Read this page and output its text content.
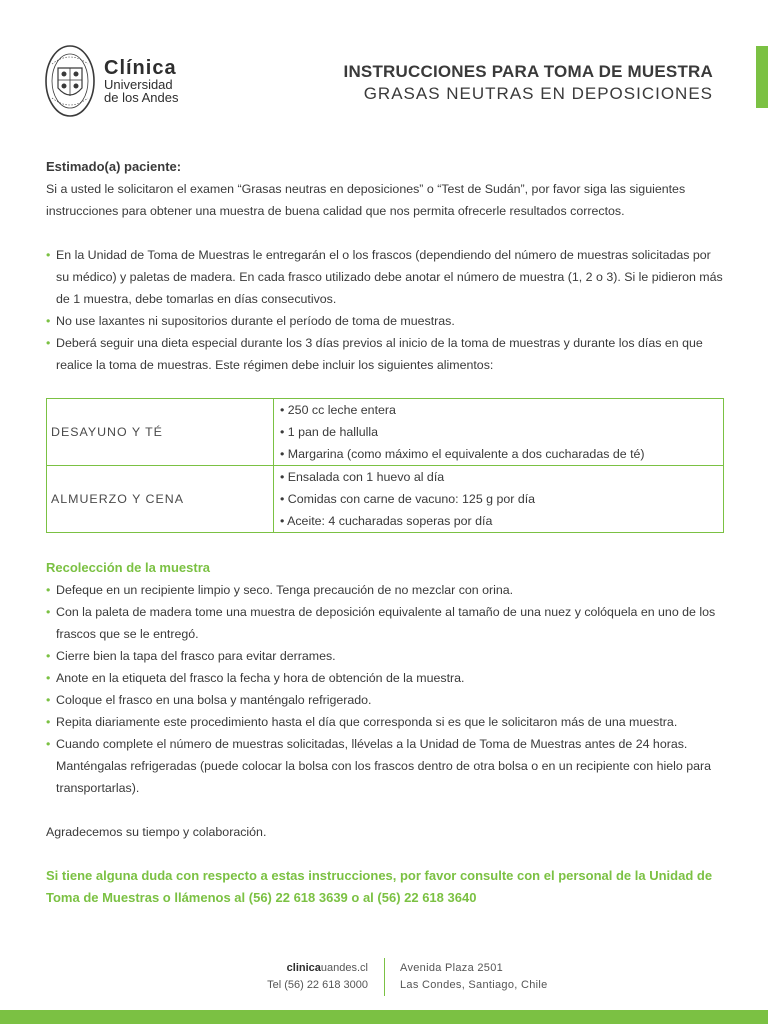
Clínica
Universidad
de los Andes
INSTRUCCIONES PARA TOMA DE MUESTRA
GRASAS NEUTRAS EN DEPOSICIONES

Estimado(a) paciente:

Si a usted le solicitaron el examen “Grasas neutras en deposiciones” o “Test de Sudán”, por favor siga las siguientes instrucciones para obtener una muestra de buena calidad que nos permita ofrecerle resultados correctos.

• En la Unidad de Toma de Muestras le entregarán el o los frascos (dependiendo del número de muestras solicitadas por su médico) y paletas de madera. En cada frasco utilizado debe anotar el número de muestra (1, 2 o 3). Si le pidieron más de 1 muestra, debe tomarlas en días consecutivos.
• No use laxantes ni supositorios durante el período de toma de muestras.
• Deberá seguir una dieta especial durante los 3 días previos al inicio de la toma de muestras y durante los días en que realice la toma de muestras. Este régimen debe incluir los siguientes alimentos:
DESAYUNO Y TÉ	• 250 cc leche entera
• 1 pan de hallulla
• Margarina (como máximo el equivalente a dos cucharadas de té)

ALMUERZO Y CENA	• Ensalada con 1 huevo al día
• Comidas con carne de vacuno: 125 g por día
• Aceite: 4 cucharadas soperas por día
Recolección de la muestra
• Defeque en un recipiente limpio y seco. Tenga precaución de no mezclar con orina.
• Con la paleta de madera tome una muestra de deposición equivalente al tamaño de una nuez y colóquela en uno de los frascos que se le entregó.
• Cierre bien la tapa del frasco para evitar derrames.
• Anote en la etiqueta del frasco la fecha y hora de obtención de la muestra.
• Coloque el frasco en una bolsa y manténgalo refrigerado.
• Repita diariamente este procedimiento hasta el día que corresponda si es que le solicitaron más de una muestra.
• Cuando complete el número de muestras solicitadas, llévelas a la Unidad de Toma de Muestras antes de 24 horas. Manténgalas refrigeradas (puede colocar la bolsa con los frascos dentro de otra bolsa o en un recipiente con hielo para transportarlas).

Agradecemos su tiempo y colaboración.

Si tiene alguna duda con respecto a estas instrucciones, por favor consulte con el personal de la Unidad de Toma de Muestras o llámenos al (56) 22 618 3639 o al (56) 22 618 3640

clinicauandes.cl
Tel (56) 22 618 3000
Avenida Plaza 2501
Las Condes, Santiago, Chile
